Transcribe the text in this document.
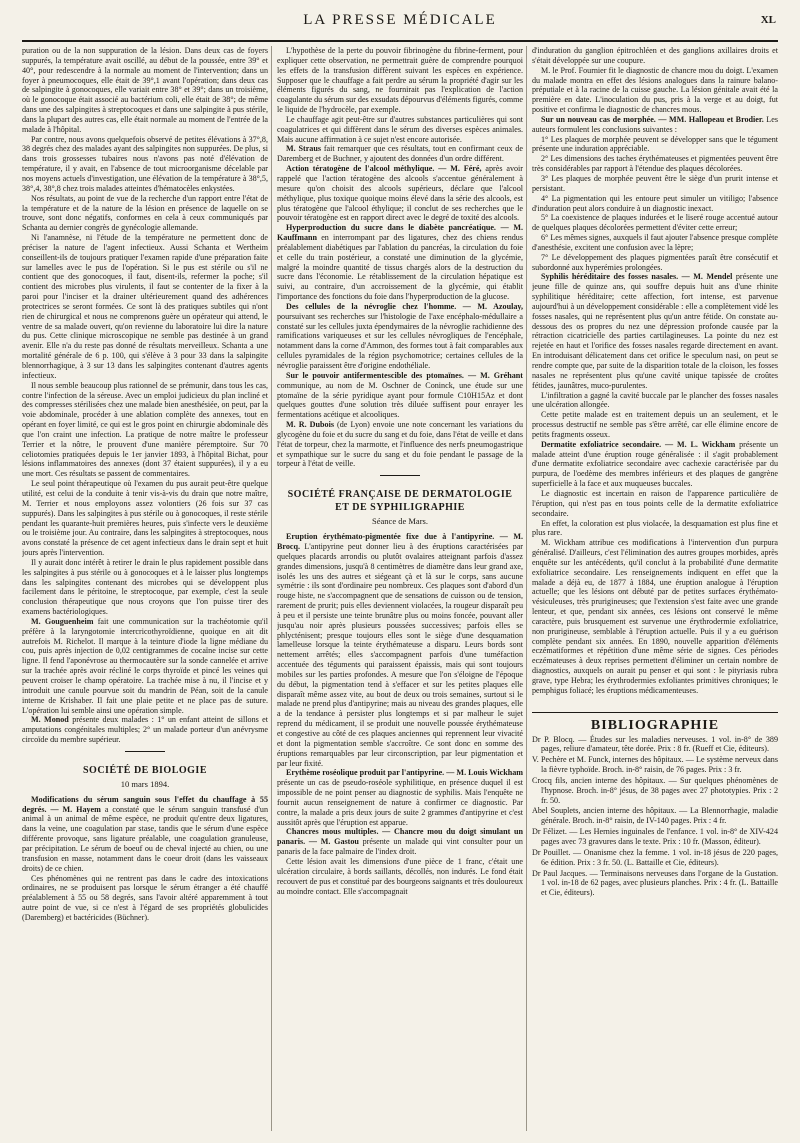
LA PRESSE MÉDICALE	XL

puration ou de la non suppuration de la lésion. Dans deux cas de foyers suppurés, la température avait oscillé, au début de la poussée, entre 39° et 40°, pour redescendre à la normale au moment de l'intervention; dans un foyer à pneumocoques, elle était de 39°,1 avant l'opération; dans deux cas de salpingite à gonocoques, elle variait entre 38° et 39°; dans un troisième, où le gonocoque était associé au bactérium coli, elle était de 38°; de même dans une des salpingites à streptocoques et dans une salpingite à pus stérile, dans la plupart des autres cas, elle était normale au moment de l'entrée de la malade à l'hôpital.

Par contre, nous avons quelquefois observé de petites élévations à 37°,8, 38 degrés chez des malades ayant des salpingites non suppurées. De plus, si dans trois grossesses tubaires nous n'avons pas noté d'élévation de température, il y avait, en l'absence de tout microorganisme décelable par nos moyens actuels d'investigation, une élévation de la température à 38°,5, 38°,4, 38°,8 chez trois malades atteintes d'hématocèles enkystées.

Nos résultats, au point de vue de la recherche d'un rapport entre l'état de la température et de la nature de la lésion en présence de laquelle on se trouve, sont donc négatifs, conformes en cela à ceux communiqués par Schanta au dernier congrès de gynécologie allemande.

Ni l'anamnèse, ni l'étude de la température ne permettent donc de préciser la nature de l'agent infectieux. Aussi Schanta et Wertheim conseillent-ils de toujours pratiquer l'examen rapide d'une préparation faite sur lamelles avec le pus de l'opération. Si le pus est stérile ou s'il ne contient que des gonocoques, il faut, disent-ils, refermer la poche; s'il contient des microbes plus virulents, il faut se contenter de la fixer à la paroi pour l'inciser et la drainer ultérieurement quand des adhérences protectrices se seront formées. Ce sont là des pratiques subtiles qui n'ont rien de chirurgical et nous ne comprenons guère un opérateur qui attend, le ventre de sa malade ouvert, qu'on revienne du laboratoire lui dire la nature du pus. Cette clinique microscopique ne semble pas destinée à un grand avenir. Elle n'a du reste pas donné de résultats merveilleux. Schanta a une mortalité générale de 6 p. 100, qui s'élève à 3 pour 33 dans la salpingite blennorrhagique, à 3 sur 13 dans les salpingites contenant d'autres agents infectieux.

Il nous semble beaucoup plus rationnel de se prémunir, dans tous les cas, contre l'infection de la séreuse. Avec un emploi judicieux du plan incliné et des compresses stérilisées chez une malade bien anesthésiée, on peut, par la voie abdominale, procéder à une ablation complète des annexes, tout en opérant en foyer limité, ce qui est le gros point en chirurgie abdominale dès que l'on craint une infection. La pratique de notre maître le professeur Terrier et la nôtre, le prouvent d'une manière péremptoire. Sur 70 celiotomies pratiquées depuis le 1er janvier 1893, à l'hôpital Bichat, pour lésions inflammatoires des annexes (dont 37 étaient suppurées), il y a eu une mort. Ces résultats se passent de commentaires.

Le seul point thérapeutique où l'examen du pus aurait peut-être quelque utilité, est celui de la conduite à tenir vis-à-vis du drain que notre maître, M. Terrier et nous employons assez volontiers (26 fois sur 37 cas suppurés). Dans les salpingites à pus stérile ou à gonocoques, il reste stérile pendant les quarante-huit premières heures, puis s'infecte vers le deuxième ou le troisième jour. Au contraire, dans les salpingites à streptocoques, nous avons constaté la présence de cet agent infectieux dans le drain sept et huit jours après l'intervention.

Il y aurait donc intérêt à retirer le drain le plus rapidement possible dans les salpingites à pus stérile ou à gonocoques et à le laisser plus longtemps dans les salpingites contenant des microbes qui se développent plus facilement dans le péritoine, le streptocoque, par exemple, c'est la seule conclusion thérapeutique que nous croyons que l'on puisse tirer des examens bactériologiques.

M. Gouguenheim fait une communication sur la trachéotomie qu'il préfère à la laryngotomie intercricothyroïdienne, quoique en ait dit autrefois M. Richelot. Il marque à la teinture d'iode la ligne médiane du cou, puis après injection de 0,02 centigrammes de cocaïne incise sur cette ligne. Il fend l'aponévrose au thermocautère sur la sonde cannelée et arrive sur la trachée après avoir récliné le corps thyroïde et pincé les veines qui peuvent croiser le champ opératoire. La trachée mise à nu, il l'incise et y introduit une canule pourvue soit du mandrin de Péan, soit de la canule interne de Krishaber. Il fait une plaie petite et ne place pas de suture. L'opération lui semble ainsi une opération simple.

M. Monod présente deux malades : 1° un enfant atteint de sillons et amputations congénitales multiples; 2° un malade porteur d'un anévrysme circoïde du membre supérieur.

SOCIÉTÉ DE BIOLOGIE
10 mars 1894.

Modifications du sérum sanguin sous l'effet du chauffage à 55 degrés. — M. Hayem a constaté que le sérum sanguin transfusé d'un animal à un animal de même espèce, ne produit qu'entre deux ligatures, dans la veine, une coagulation par stase, tandis que le sérum d'une espèce différente provoque, sans ligature préalable, une coagulation granuleuse, par précipitation. Le sérum de boeuf ou de cheval injecté au chien, ou une transfusion en masse, notamment dans le coeur droit (dans les vaisseaux droits) de ce chien.

Ces phénomènes qui ne rentrent pas dans le cadre des intoxications ordinaires, ne se produisent pas lorsque le sérum étranger a été chauffé préalablement à 55 ou 58 degrés, sans l'avoir altéré apparemment à tout autre point de vue, si ce n'est à l'égard de ses propriétés globulicides (Daremberg) et bactéricides (Büchner).

L'hypothèse de la perte du pouvoir fibrinogène du fibrine-ferment, pour expliquer cette observation, ne permettrait guère de comprendre pourquoi les effets de la transfusion diffèrent suivant les espèces en expérience. Supposer que le chauffage a fait perdre au sérum la propriété d'agir sur les éléments figurés du sang, ne fournirait pas l'explication de l'action coagulante du sérum sur des exsudats dépourvus d'éléments figurés, comme le liquide de l'hydrocèle, par exemple.

Le chauffage agit peut-être sur d'autres substances particulières qui sont coagulatrices et qui diffèrent dans le sérum des diverses espèces animales. Mais aucune affirmation à ce sujet n'est encore autorisée.

M. Straus fait remarquer que ces résultats, tout en confirmant ceux de Daremberg et de Buchner, y ajoutent des données d'un ordre différent.

Action tératogène de l'alcool méthylique. — M. Féré, après avoir rappelé que l'action tératogène des alcools s'accentue généralement à mesure qu'on choisit des alcools supérieurs, déclare que l'alcool méthylique, plus toxique quoique moins élevé dans la série des alcools, est plus tératogène que l'alcool éthylique; il conclut de ses recherches que le pouvoir tératogène est en rapport direct avec le degré de toxité des alcools.

Hyperproduction du sucre dans le diabète pancréatique. — M. Kauffmann en interrompant par des ligatures, chez des chiens rendus préalablement diabétiques par l'ablation du pancréas, la circulation du foie et celle du train postérieur, a constaté une diminution de la glycémie, malgré la moindre quantité de tissus chargés alors de la destruction du sucre dans l'économie. Le rétablissement de la circulation hépatique est suivi, au contraire, d'un accroissement de la glycémie, qui établit l'importance des fonctions du foie dans l'hyperproduction de la glucose.

Des cellules de la névroglie chez l'homme. — M. Azoulay, poursuivant ses recherches sur l'histologie de l'axe encéphalo-médullaire a constaté sur les cellules juxta épendymaires de la névroglie rachidienne des ramifications variqueuses et sur les cellules névrogliques de l'encéphale, notamment dans la corne d'Ammon, des formes tout à fait comparables aux cellules pyramidales de la région psychomotrice; certaines cellules de la névroglie paraissent être d'origine endothéliale.

Sur le pouvoir antifermentescible des ptomaïnes. — M. Gréhant communique, au nom de M. Oschner de Coninck, une étude sur une ptomaïne de la série pyridique ayant pour formule C10H15Az et dont quelques gouttes d'une solution très diluée suffisent pour enrayer les fermentations acétique et alcooliques.

M. R. Dubois (de Lyon) envoie une note concernant les variations du glycogène du foie et du sucre du sang et du foie, dans l'état de veille et dans l'état de torpeur, chez la marmotte, et l'influence des nerfs pneumogastrique et sympathique sur le sucre du sang et du foie pendant le passage de la torpeur à l'état de veille.

SOCIÉTÉ FRANÇAISE DE DERMATOLOGIE
ET DE SYPHILIGRAPHIE
Séance de Mars.

Eruption érythémato-pigmentée fixe due à l'antipyrine. — M. Brocq. L'antipyrine peut donner lieu à des éruptions caractérisées par quelques placards arrondis ou plutôt ovalaires atteignant parfois d'assez grandes dimensions, jusqu'à 8 centimètres de diamètre dans leur grand axe, isolés les uns des autres et siégeant çà et là sur le corps, sans aucune symétrie : ils sont d'ordinaire peu nombreux. Ces plaques sont d'abord d'un rouge histe, ne s'accompagnent que de sensations de cuisson ou de tension, rarement de prurit; puis elles deviennent violacées, la rougeur disparaît peu à peu et il persiste une teinte brunâtre plus ou moins foncée, pouvant aller jusqu'au noir après plusieurs poussées successives; parfois elles se phlycténisent; presque toujours elles sont le siège d'une desquamation lamelleuse lorsque la teinte érythémateuse a disparu. Leurs bords sont nettement arrêtés; elles s'accompagnent parfois d'une tuméfaction accentuée des téguments qui paraissent épaissis, mais qui sont toujours mobiles sur les parties profondes. A mesure que l'on s'éloigne de l'époque du début, la pigmentation tend à s'effacer et sur les petites plaques elle disparaît même assez vite, au bout de deux ou trois semaines, surtout si le malade ne prend plus d'antipyrine; mais au niveau des grandes plaques, elle a de la tendance à persister plus longtemps et si par malheur le sujet reprend du médicament, il se produit une nouvelle poussée érythémateuse et congestive au côté de ces plaques anciennes qui reprennent leur vivacité et dont la pigmentation semble s'accroître. Ce sont donc en somme des éruptions remarquables par leur circonscription, par leur pigmentation et par leur fixité.

Erythème roséolique produit par l'antipyrine. — M. Louis Wickham présente un cas de pseudo-roséole syphilitique, en présence duquel il est impossible de ne point penser au diagnostic de syphilis. Mais l'enquête ne fournit aucun renseignement de nature à confirmer ce diagnostic. Par contre, la malade a pris deux jours de suite 2 grammes d'antipyrine et c'est aussitôt après que l'éruption est apparue.

Chancres mous multiples. — Chancre mou du doigt simulant un panaris. — M. Gastou présente un malade qui vint consulter pour un panaris de la face palmaire de l'index droit.

Cette lésion avait les dimensions d'une pièce de 1 franc, c'était une ulcération circulaire, à bords saillants, décollés, non indurés. Le fond était recouvert de pus et constitué par des bourgeons saignants et très douloureux au moindre contact. Elle s'accompagnait

d'induration du ganglion épitrochléen et des ganglions axillaires droits et s'était développée sur une coupure.

M. le Prof. Fournier fit le diagnostic de chancre mou du doigt. L'examen du malade montra en effet des lésions analogues dans la rainure balano-préputiale et à la racine de la cuisse gauche. La lésion génitale avait été la première en date. L'inoculation du pus, pris à la verge et au doigt, fut positive et confirma le diagnostic de chancres mous.

Sur un nouveau cas de morphée. — MM. Hallopeau et Brodier. Les auteurs formulent les conclusions suivantes :

1° Les plaques de morphée peuvent se développer sans que le tégument présente une induration appréciable.

2° Les dimensions des taches érythémateuses et pigmentées peuvent être très considérables par rapport à l'étendue des plaques décolorées.

3° Les plaques de morphée peuvent être le siège d'un prurit intense et persistant.

4° La pigmentation qui les entoure peut simuler un vitiligo; l'absence d'induration peut alors conduire à un diagnostic inexact.

5° La coexistence de plaques indurées et le liseré rouge accentué autour de quelques plaques décolorées permettent d'éviter cette erreur;

6° Les mêmes signes, auxquels il faut ajouter l'absence presque complète d'anesthésie, excitent une confusion avec la lèpre;

7° Le développement des plaques pigmentées paraît être consécutif et subordonné aux hyperémies prolongées.

Syphilis héréditaire des fosses nasales. — M. Mendel présente une jeune fille de quinze ans, qui souffre depuis huit ans d'une rhinite syphilitique héréditaire; cette affection, fort intense, est parvenue aujourd'hui à un développement considérable : elle a complètement vidé les fosses nasales, qui ne représentent plus qu'un antre fétide. On constate au-dessous des os propres du nez une dépression profonde causée par la rétraction cicatricielle des parties cartilagineuses. La pointe du nez est rejetée en haut et l'orifice des fosses nasales regarde directement en avant. En introduisant délicatement dans cet orifice le speculum nasi, on peut se rendre compte que, par suite de la disparition totale de la cloison, les fosses nasales ne représentent plus qu'une cavité unique tapissée de croûtes fétides, jaunâtres, muco-purulentes.

L'infiltration a gagné la cavité buccale par le plancher des fosses nasales une ulcération allongée.

Cette petite malade est en traitement depuis un an seulement, et le processus destructif ne semble pas s'être arrêté, car elle élimine encore de petits fragments osseux.

Dermatite exfoliatrice secondaire. — M. L. Wickham présente un malade atteint d'une éruption rouge généralisée : il s'agit probablement d'une dermatite exfoliatrice secondaire avec cachexie caractérisée par du purpura, de l'oedème des membres inférieurs et des plaques de gangrène superficielle à la face et aux muqueuses buccales.

Le diagnostic est incertain en raison de l'apparence particulière de l'éruption, qui n'est pas en tous points celle de la dermatite exfoliatrice secondaire.

En effet, la coloration est plus violacée, la desquamation est plus fine et plus rare.

M. Wickham attribue ces modifications à l'intervention d'un purpura généralisé. D'ailleurs, c'est l'élimination des autres groupes morbides, après enquête sur les antécédents, qu'il conclut à la probabilité d'une dermatite exfoliatrice secondaire. Les renseignements indiquent en effet que la malade a déjà eu, de 1877 à 1884, une éruption analogue à l'éruption actuelle; que les lésions ont débuté par de petites surfaces érythémato-vésiculeuses, très prurigineuses; que l'extension s'est faite avec une grande lenteur, et que, pendant six années, ces lésions ont conservé le même caractère, puis brusquement est survenue une érythrodermie exfoliatrice, non prurigineuse, semblable à l'éruption actuelle. Puis il y a eu guérison complète pendant six années. En 1890, nouvelle apparition d'éléments eczématiformes et répétition d'une même série de signes. Ces périodes eczémateuses à deux reprises permettent d'éliminer un certain nombre de diagnostics, auxquels on aurait pu penser et qui sont : le pityriasis rubra grave, type Hebra; les érythrodermies exfoliantes primitives chroniques; le pemphigus foliacé; les éruptions médicamenteuses.

BIBLIOGRAPHIE

Dr P. Blocq. — Études sur les maladies nerveuses. 1 vol. in-8° de 389 pages, reliure d'amateur, tête dorée. Prix : 8 fr. (Rueff et Cie, éditeurs).

V. Pechère et M. Funck, internes des hôpitaux. — Le système nerveux dans la fièvre typhoïde. Broch. in-8° raisin, de 76 pages. Prix : 3 fr.

Crocq fils, ancien interne des hôpitaux. — Sur quelques phénomènes de l'hypnose. Broch. in-8° jésus, de 38 pages avec 27 phototypies. Prix : 2 fr. 50.

Abel Souplets, ancien interne des hôpitaux. — La Blennorrhagie, maladie générale. Broch. in-8° raisin, de IV-140 pages. Prix : 4 fr.

Dr Félizet. — Les Hernies inguinales de l'enfance. 1 vol. in-8° de XIV-424 pages avec 73 gravures dans le texte. Prix : 10 fr. (Masson, éditeur).

Dr Pouillet. — Onanisme chez la femme. 1 vol. in-18 jésus de 220 pages, 6e édition. Prix : 3 fr. 50. (L. Battaille et Cie, éditeurs).

Dr Paul Jacques. — Terminaisons nerveuses dans l'organe de la Gustation. 1 vol. in-18 de 62 pages, avec plusieurs planches. Prix : 4 fr. (L. Battaille et Cie, éditeurs).
